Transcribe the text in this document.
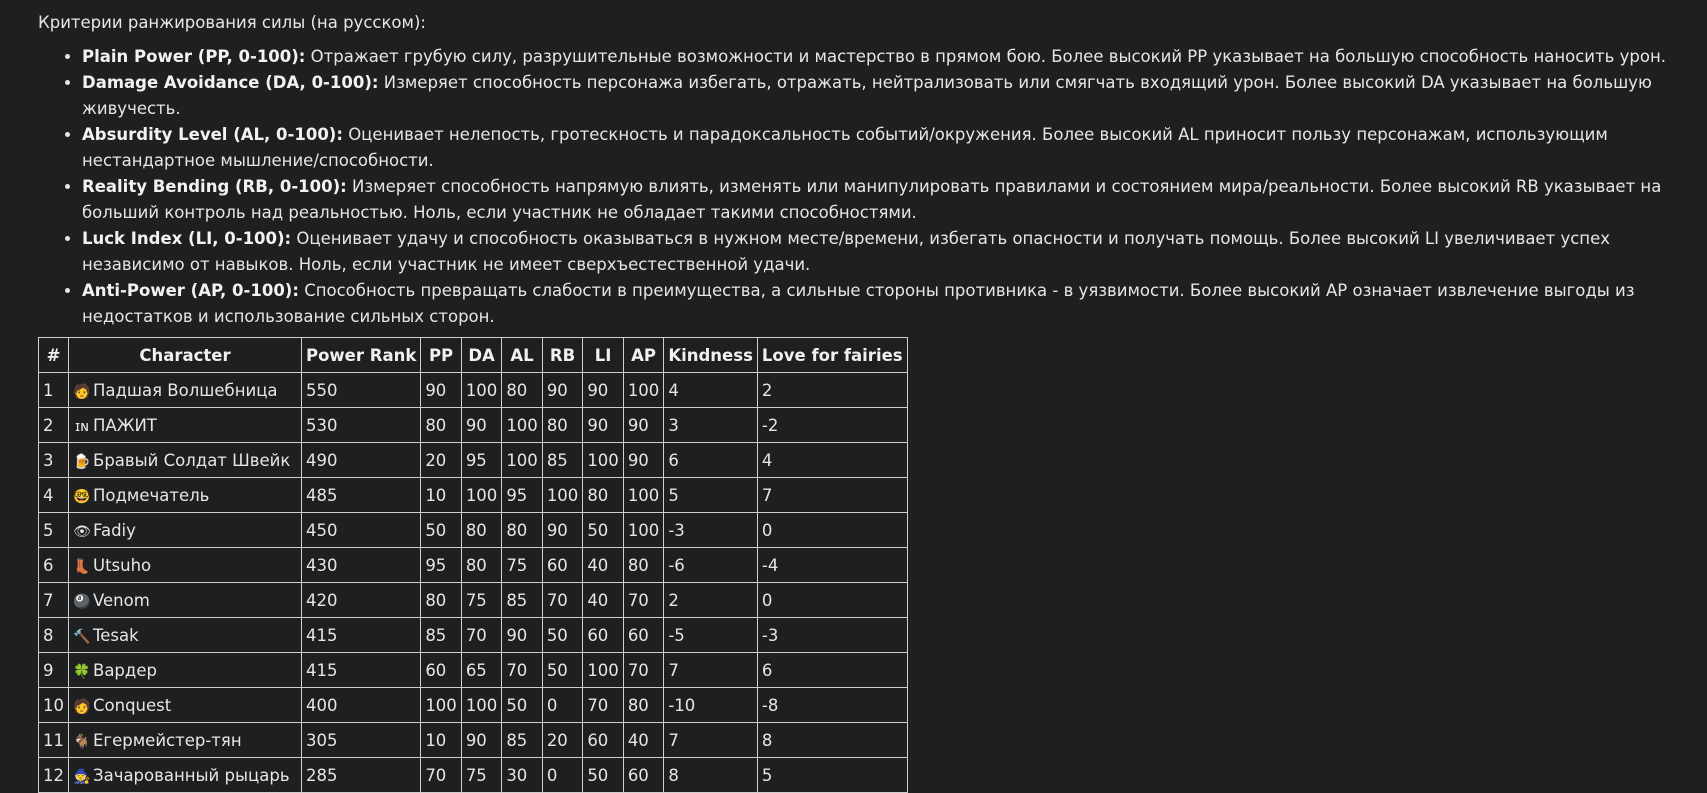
Критерии ранжирования силы (на русском):

• Plain Power (PP, 0-100): Отражает грубую силу, разрушительные возможности и мастерство в прямом бою. Более высокий PP указывает на большую способность наносить урон.
• Damage Avoidance (DA, 0-100): Измеряет способность персонажа избегать, отражать, нейтрализовать или смягчать входящий урон. Более высокий DA указывает на большую живучесть.
• Absurdity Level (AL, 0-100): Оценивает нелепость, гротескность и парадоксальность событий/окружения. Более высокий AL приносит пользу персонажам, использующим нестандартное мышление/способности.
• Reality Bending (RB, 0-100): Измеряет способность напрямую влиять, изменять или манипулировать правилами и состоянием мира/реальности. Более высокий RB указывает на больший контроль над реальностью. Ноль, если участник не обладает такими способностями.
• Luck Index (LI, 0-100): Оценивает удачу и способность оказываться в нужном месте/времени, избегать опасности и получать помощь. Более высокий LI увеличивает успех независимо от навыков. Ноль, если участник не имеет сверхъестественной удачи.
• Anti-Power (AP, 0-100): Способность превращать слабости в преимущества, а сильные стороны противника - в уязвимости. Более высокий AP означает извлечение выгоды из недостатков и использование сильных сторон.
#	Character	Power Rank	PP	DA	AL	RB	LI	AP	Kindness	Love for fairies
1	🧑 Падшая Волшебница	550	90	100	80	90	90	100	4	2
2	ɪɴ ПАЖИТ	530	80	90	100	80	90	90	3	-2
3	🍺 Бравый Солдат Швейк	490	20	95	100	85	100	90	6	4
4	🤓 Подмечатель	485	10	100	95	100	80	100	5	7
5	👁 Fadiy	450	50	80	80	90	50	100	-3	0
6	👢 Utsuho	430	95	80	75	60	40	80	-6	-4
7	🎱 Venom	420	80	75	85	70	40	70	2	0
8	🔨 Tesak	415	85	70	90	50	60	60	-5	-3
9	🍀 Вардер	415	60	65	70	50	100	70	7	6
10	🧑 Conquest	400	100	100	50	0	70	80	-10	-8
11	🐐 Егермейстер-тян	305	10	90	85	20	60	40	7	8
12	🧙 Зачарованный рыцарь	285	70	75	30	0	50	60	8	5
